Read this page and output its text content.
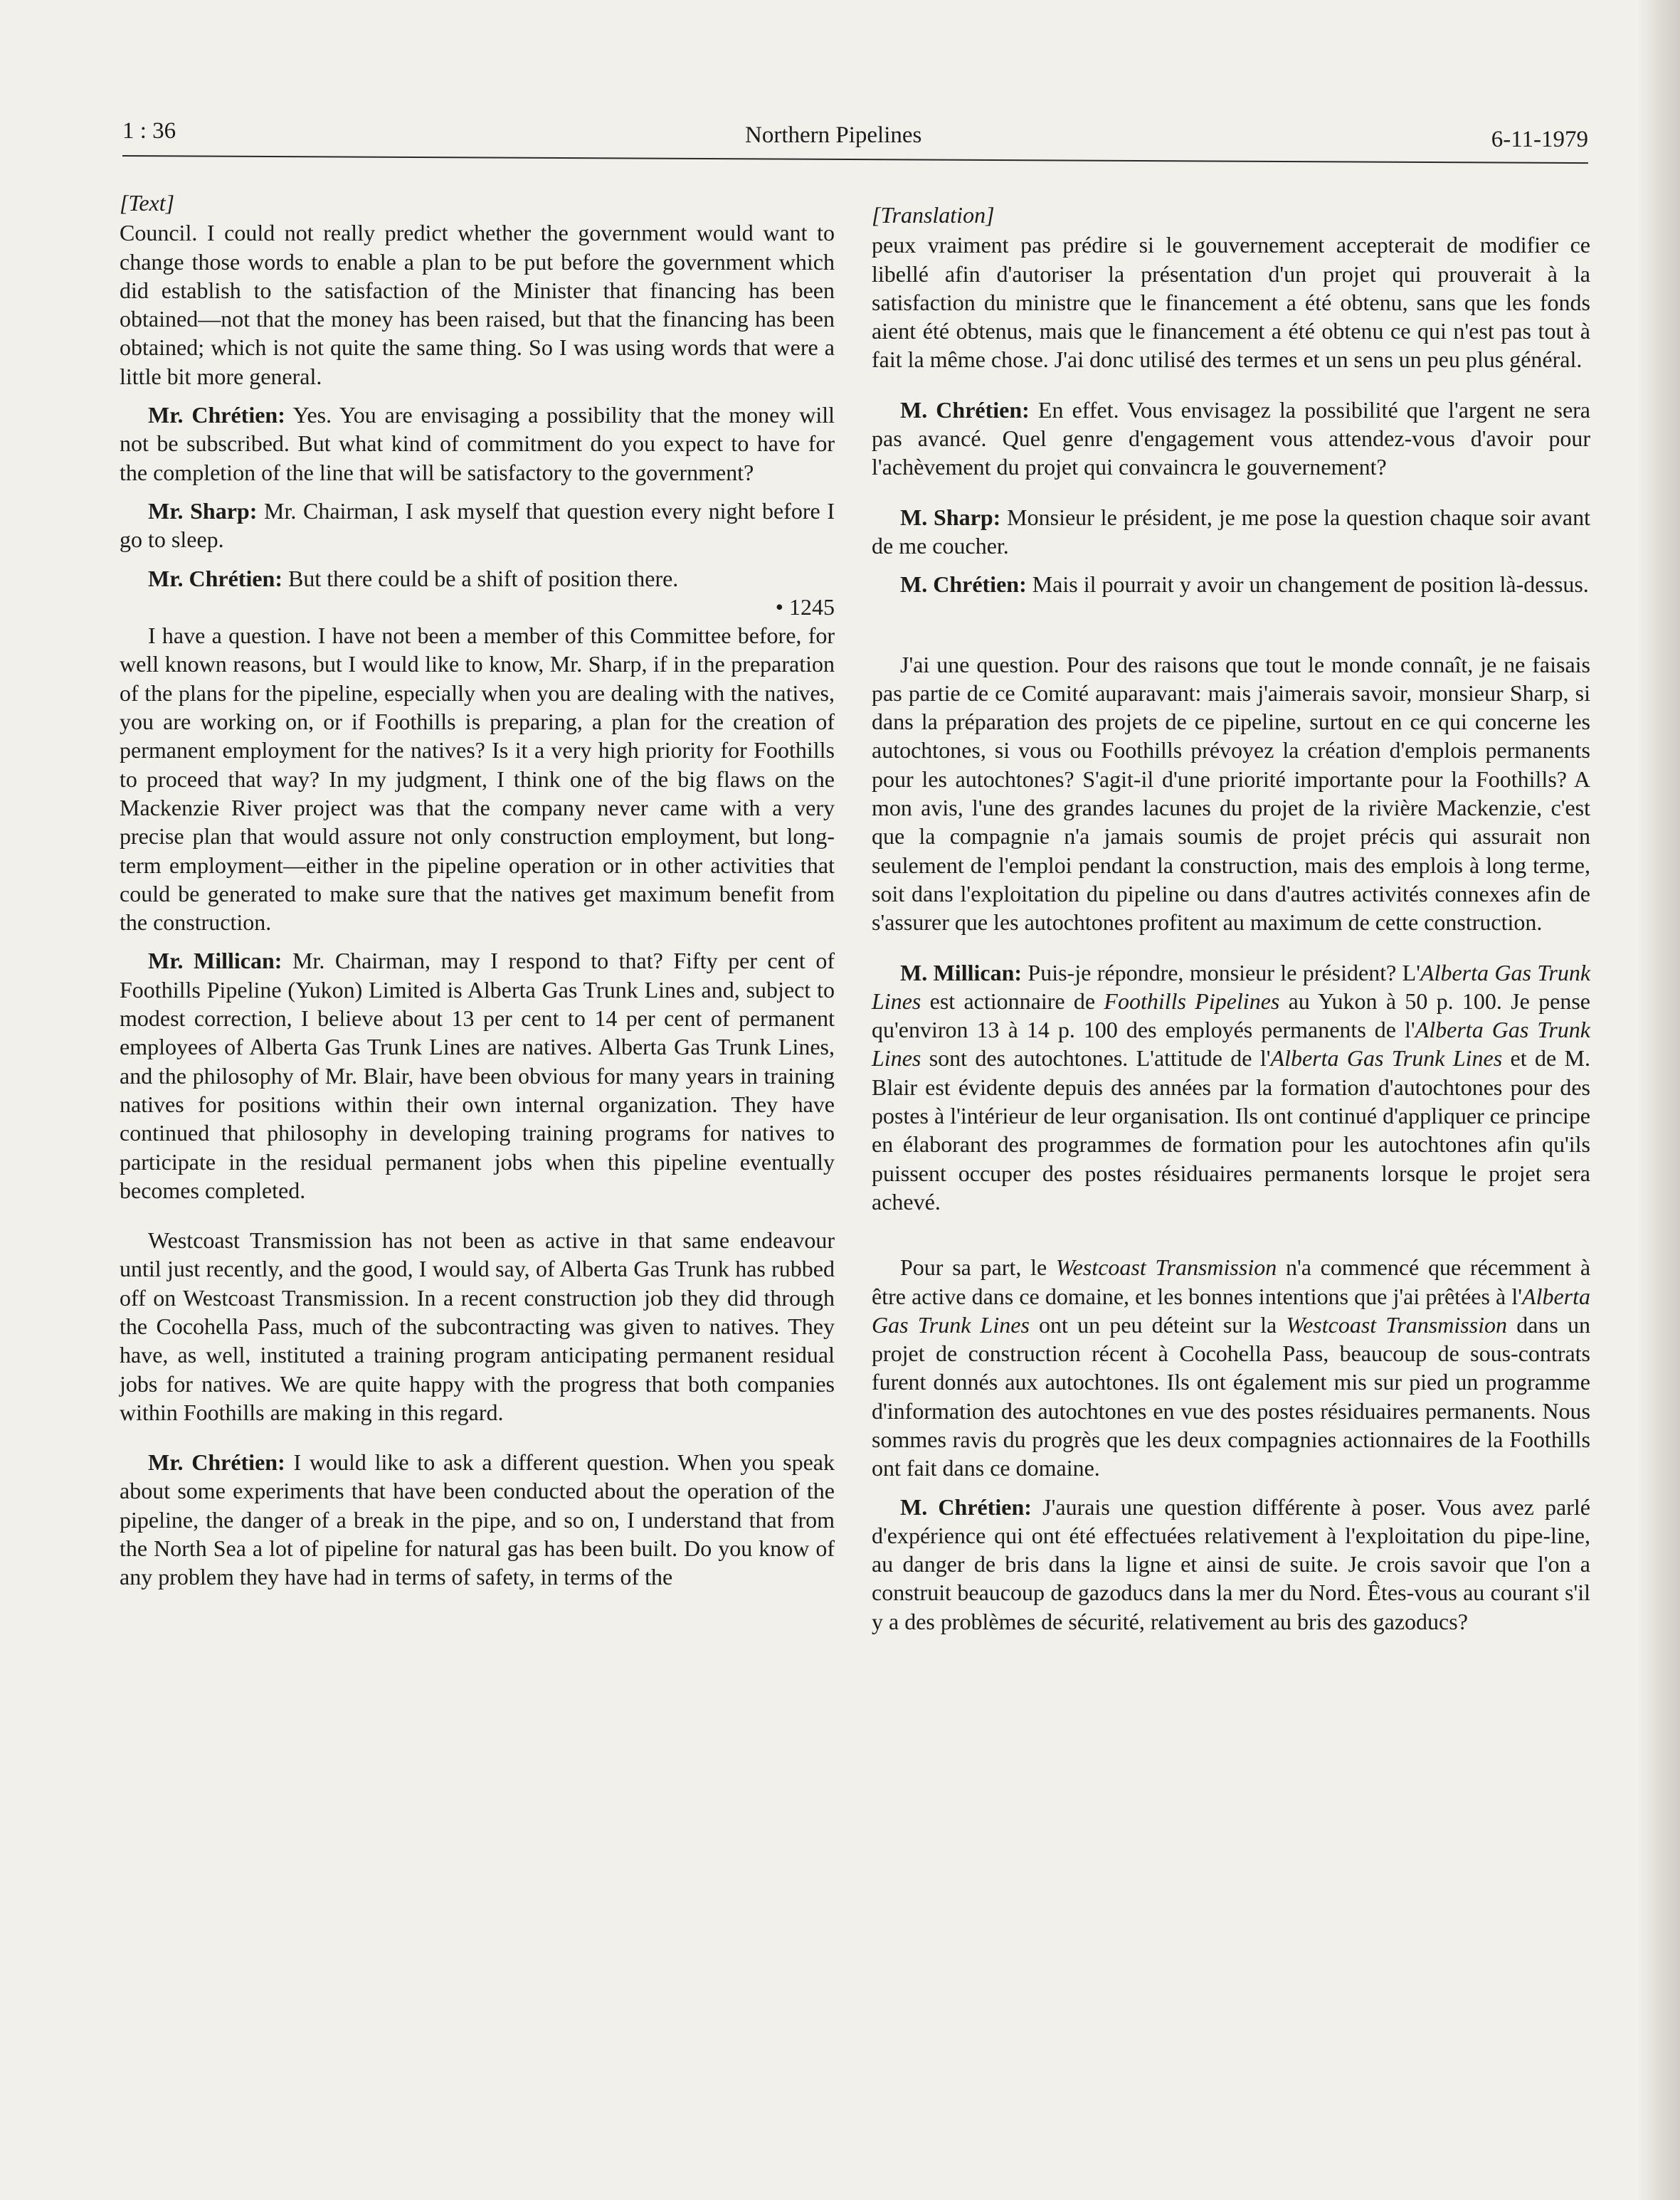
1 : 36	Northern Pipelines	6-11-1979
[Text]

Council. I could not really predict whether the government would want to change those words to enable a plan to be put before the government which did establish to the satisfaction of the Minister that financing has been obtained—not that the money has been raised, but that the financing has been obtained; which is not quite the same thing. So I was using words that were a little bit more general.

Mr. Chrétien: Yes. You are envisaging a possibility that the money will not be subscribed. But what kind of commitment do you expect to have for the completion of the line that will be satisfactory to the government?

Mr. Sharp: Mr. Chairman, I ask myself that question every night before I go to sleep.

Mr. Chrétien: But there could be a shift of position there.

• 1245

I have a question. I have not been a member of this Committee before, for well known reasons, but I would like to know, Mr. Sharp, if in the preparation of the plans for the pipeline, especially when you are dealing with the natives, you are working on, or if Foothills is preparing, a plan for the creation of permanent employment for the natives? Is it a very high priority for Foothills to proceed that way? In my judgment, I think one of the big flaws on the Mackenzie River project was that the company never came with a very precise plan that would assure not only construction employment, but long-term employment—either in the pipeline operation or in other activities that could be generated to make sure that the natives get maximum benefit from the construction.

Mr. Millican: Mr. Chairman, may I respond to that? Fifty per cent of Foothills Pipeline (Yukon) Limited is Alberta Gas Trunk Lines and, subject to modest correction, I believe about 13 per cent to 14 per cent of permanent employees of Alberta Gas Trunk Lines are natives. Alberta Gas Trunk Lines, and the philosophy of Mr. Blair, have been obvious for many years in training natives for positions within their own internal organization. They have continued that philosophy in developing training programs for natives to participate in the residual permanent jobs when this pipeline eventually becomes completed.

Westcoast Transmission has not been as active in that same endeavour until just recently, and the good, I would say, of Alberta Gas Trunk has rubbed off on Westcoast Transmission. In a recent construction job they did through the Cocohella Pass, much of the subcontracting was given to natives. They have, as well, instituted a training program anticipating permanent residual jobs for natives. We are quite happy with the progress that both companies within Foothills are making in this regard.

Mr. Chrétien: I would like to ask a different question. When you speak about some experiments that have been conducted about the operation of the pipeline, the danger of a break in the pipe, and so on, I understand that from the North Sea a lot of pipeline for natural gas has been built. Do you know of any problem they have had in terms of safety, in terms of the

[Translation]

peux vraiment pas prédire si le gouvernement accepterait de modifier ce libellé afin d'autoriser la présentation d'un projet qui prouverait à la satisfaction du ministre que le financement a été obtenu, sans que les fonds aient été obtenus, mais que le financement a été obtenu ce qui n'est pas tout à fait la même chose. J'ai donc utilisé des termes et un sens un peu plus général.

M. Chrétien: En effet. Vous envisagez la possibilité que l'argent ne sera pas avancé. Quel genre d'engagement vous attendez-vous d'avoir pour l'achèvement du projet qui convaincra le gouvernement?

M. Sharp: Monsieur le président, je me pose la question chaque soir avant de me coucher.

M. Chrétien: Mais il pourrait y avoir un changement de position là-dessus.

J'ai une question. Pour des raisons que tout le monde connaît, je ne faisais pas partie de ce Comité auparavant: mais j'aimerais savoir, monsieur Sharp, si dans la préparation des projets de ce pipeline, surtout en ce qui concerne les autochtones, si vous ou Foothills prévoyez la création d'emplois permanents pour les autochtones? S'agit-il d'une priorité importante pour la Foothills? A mon avis, l'une des grandes lacunes du projet de la rivière Mackenzie, c'est que la compagnie n'a jamais soumis de projet précis qui assurait non seulement de l'emploi pendant la construction, mais des emplois à long terme, soit dans l'exploitation du pipeline ou dans d'autres activités connexes afin de s'assurer que les autochtones profitent au maximum de cette construction.

M. Millican: Puis-je répondre, monsieur le président? L'Alberta Gas Trunk Lines est actionnaire de Foothills Pipelines au Yukon à 50 p. 100. Je pense qu'environ 13 à 14 p. 100 des employés permanents de l'Alberta Gas Trunk Lines sont des autochtones. L'attitude de l'Alberta Gas Trunk Lines et de M. Blair est évidente depuis des années par la formation d'autochtones pour des postes à l'intérieur de leur organisation. Ils ont continué d'appliquer ce principe en élaborant des programmes de formation pour les autochtones afin qu'ils puissent occuper des postes résiduaires permanents lorsque le projet sera achevé.

Pour sa part, le Westcoast Transmission n'a commencé que récemment à être active dans ce domaine, et les bonnes intentions que j'ai prêtées à l'Alberta Gas Trunk Lines ont un peu déteint sur la Westcoast Transmission dans un projet de construction récent à Cocohella Pass, beaucoup de sous-contrats furent donnés aux autochtones. Ils ont également mis sur pied un programme d'information des autochtones en vue des postes résiduaires permanents. Nous sommes ravis du progrès que les deux compagnies actionnaires de la Foothills ont fait dans ce domaine.

M. Chrétien: J'aurais une question différente à poser. Vous avez parlé d'expérience qui ont été effectuées relativement à l'exploitation du pipe-line, au danger de bris dans la ligne et ainsi de suite. Je crois savoir que l'on a construit beaucoup de gazoducs dans la mer du Nord. Êtes-vous au courant s'il y a des problèmes de sécurité, relativement au bris des gazoducs?
